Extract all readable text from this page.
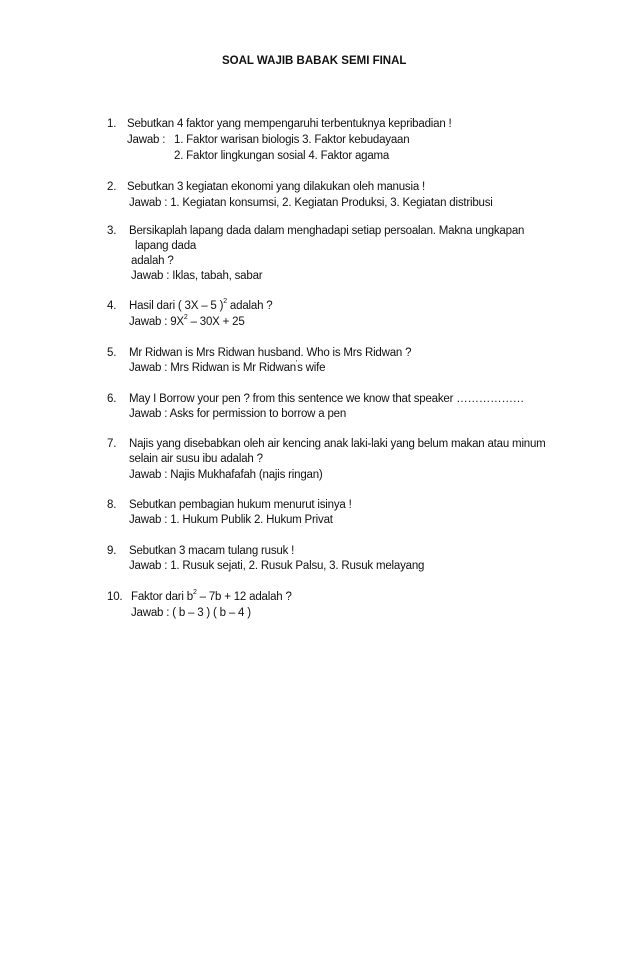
SOAL WAJIB BABAK SEMI FINAL
1. Sebutkan 4 faktor yang mempengaruhi terbentuknya kepribadian !
Jawab : 1. Faktor warisan biologis 3. Faktor kebudayaan
2. Faktor lingkungan sosial 4. Faktor agama
2. Sebutkan 3 kegiatan ekonomi yang dilakukan oleh manusia !
Jawab : 1. Kegiatan konsumsi, 2. Kegiatan Produksi, 3. Kegiatan distribusi
3. Bersikaplah lapang dada dalam menghadapi setiap persoalan. Makna ungkapan
lapang dada
adalah ?
Jawab : Iklas, tabah, sabar
4. Hasil dari ( 3X – 5 )$^2$ adalah ?
Jawab : $9X^2 - 30X + 25$
5. Mr Ridwan is Mrs Ridwan husband. Who is Mrs Ridwan ?
Jawab : Mrs Ridwan is Mr Ridwan's wife
6. May I Borrow your pen ? from this sentence we know that speaker ………………
Jawab : Asks for permission to borrow a pen
7. Najis yang disebabkan oleh air kencing anak laki-laki yang belum makan atau minum
selain air susu ibu adalah ?
Jawab : Najis Mukhafafah (najis ringan)
8. Sebutkan pembagian hukum menurut isinya !
Jawab : 1. Hukum Publik 2. Hukum Privat
9. Sebutkan 3 macam tulang rusuk !
Jawab : 1. Rusuk sejati, 2. Rusuk Palsu, 3. Rusuk melayang
10. Faktor dari $b^2 - 7b + 12$ adalah ?
Jawab : ( b – 3 ) ( b – 4 )
